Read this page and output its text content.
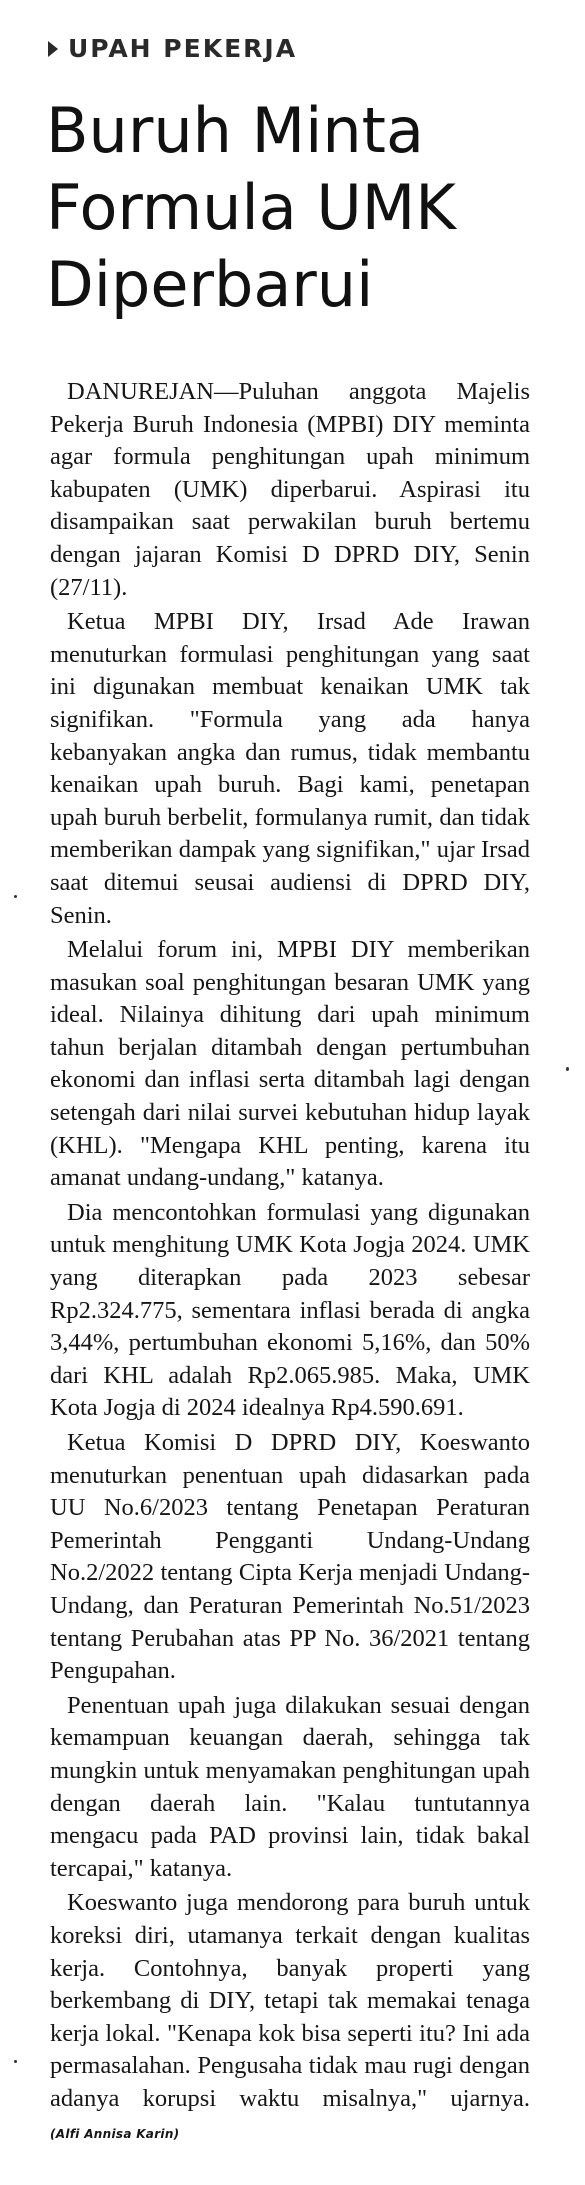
UPAH PEKERJA
Buruh Minta
Formula UMK
Diperbarui

DANUREJAN—Puluhan anggota Majelis Pekerja Buruh Indonesia (MPBI) DIY meminta agar formula penghitungan upah minimum kabupaten (UMK) diperbarui. Aspirasi itu disampaikan saat perwakilan buruh bertemu dengan jajaran Komisi D DPRD DIY, Senin (27/11).

Ketua MPBI DIY, Irsad Ade Irawan menuturkan formulasi penghitungan yang saat ini digunakan membuat kenaikan UMK tak signifikan. "Formula yang ada hanya kebanyakan angka dan rumus, tidak membantu kenaikan upah buruh. Bagi kami, penetapan upah buruh berbelit, formulanya rumit, dan tidak memberikan dampak yang signifikan," ujar Irsad saat ditemui seusai audiensi di DPRD DIY, Senin.

Melalui forum ini, MPBI DIY memberikan masukan soal penghitungan besaran UMK yang ideal. Nilainya dihitung dari upah minimum tahun berjalan ditambah dengan pertumbuhan ekonomi dan inflasi serta ditambah lagi dengan setengah dari nilai survei kebutuhan hidup layak (KHL). "Mengapa KHL penting, karena itu amanat undang-undang," katanya.

Dia mencontohkan formulasi yang digunakan untuk menghitung UMK Kota Jogja 2024. UMK yang diterapkan pada 2023 sebesar Rp2.324.775, sementara inflasi berada di angka 3,44%, pertumbuhan ekonomi 5,16%, dan 50% dari KHL adalah Rp2.065.985. Maka, UMK Kota Jogja di 2024 idealnya Rp4.590.691.

Ketua Komisi D DPRD DIY, Koeswanto menuturkan penentuan upah didasarkan pada UU No.6/2023 tentang Penetapan Peraturan Pemerintah Pengganti Undang-Undang No.2/2022 tentang Cipta Kerja menjadi Undang-Undang, dan Peraturan Pemerintah No.51/2023 tentang Perubahan atas PP No. 36/2021 tentang Pengupahan.

Penentuan upah juga dilakukan sesuai dengan kemampuan keuangan daerah, sehingga tak mungkin untuk menyamakan penghitungan upah dengan daerah lain. "Kalau tuntutannya mengacu pada PAD provinsi lain, tidak bakal tercapai," katanya.

Koeswanto juga mendorong para buruh untuk koreksi diri, utamanya terkait dengan kualitas kerja. Contohnya, banyak properti yang berkembang di DIY, tetapi tak memakai tenaga kerja lokal. "Kenapa kok bisa seperti itu? Ini ada permasalahan. Pengusaha tidak mau rugi dengan adanya korupsi waktu misalnya," ujarnya. (Alfi Annisa Karin)
